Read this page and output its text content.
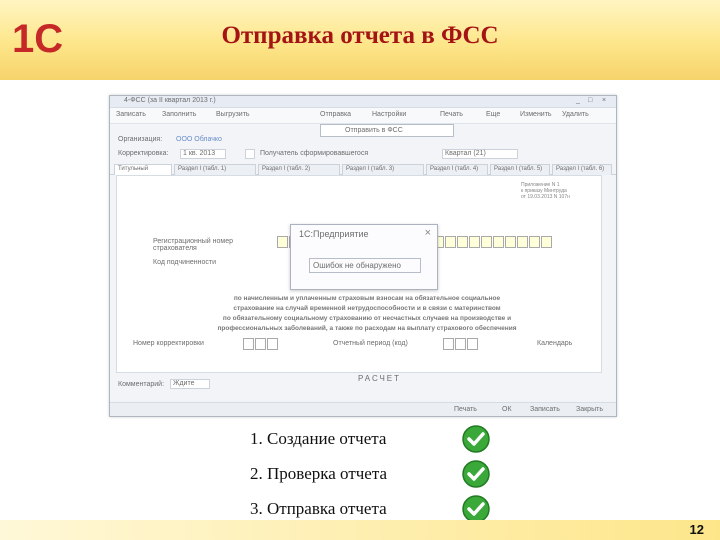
1С	Отправка отчета в ФСС
4-ФСС (за II квартал 2013 г.)	_ □ ×
Записать Заполнить	Выгрузить	Отправка	Настройки	Печать	Еще	Изменить Удалить
Отправить в ФСС
Организация: ООО Облачко
Корректировка:	1 кв. 2013	Получатель сформировавшегося	Квартал (21)
Титульный	Раздел I (табл. 1)	Раздел I (табл. 2)	Раздел I (табл. 3)	Раздел I (табл. 4)	Раздел I (табл. 5)	Раздел I (табл. 6)
Приложение N 1
к приказу Минтруда
от 19.03.2013 N 107н
Регистрационный номер страхователя
Код подчиненности
по начисленным и уплаченным страховым взносам на обязательное социальное
страхование на случай временной нетрудоспособности и в связи с материнством
по обязательному социальному страхованию от несчастных случаев на производстве и
профессиональных заболеваний, а также по расходам на выплату страхового обеспечения
Номер корректировки	Отчетный период (код)	Календарь
1С:Предприятие	×
Ошибок не обнаружено
РАСЧЕТ
Комментарий:	Ждите
Печать	ОК	Записать Закрыть
1. Создание отчета
2. Проверка отчета
3. Отправка отчета
12
